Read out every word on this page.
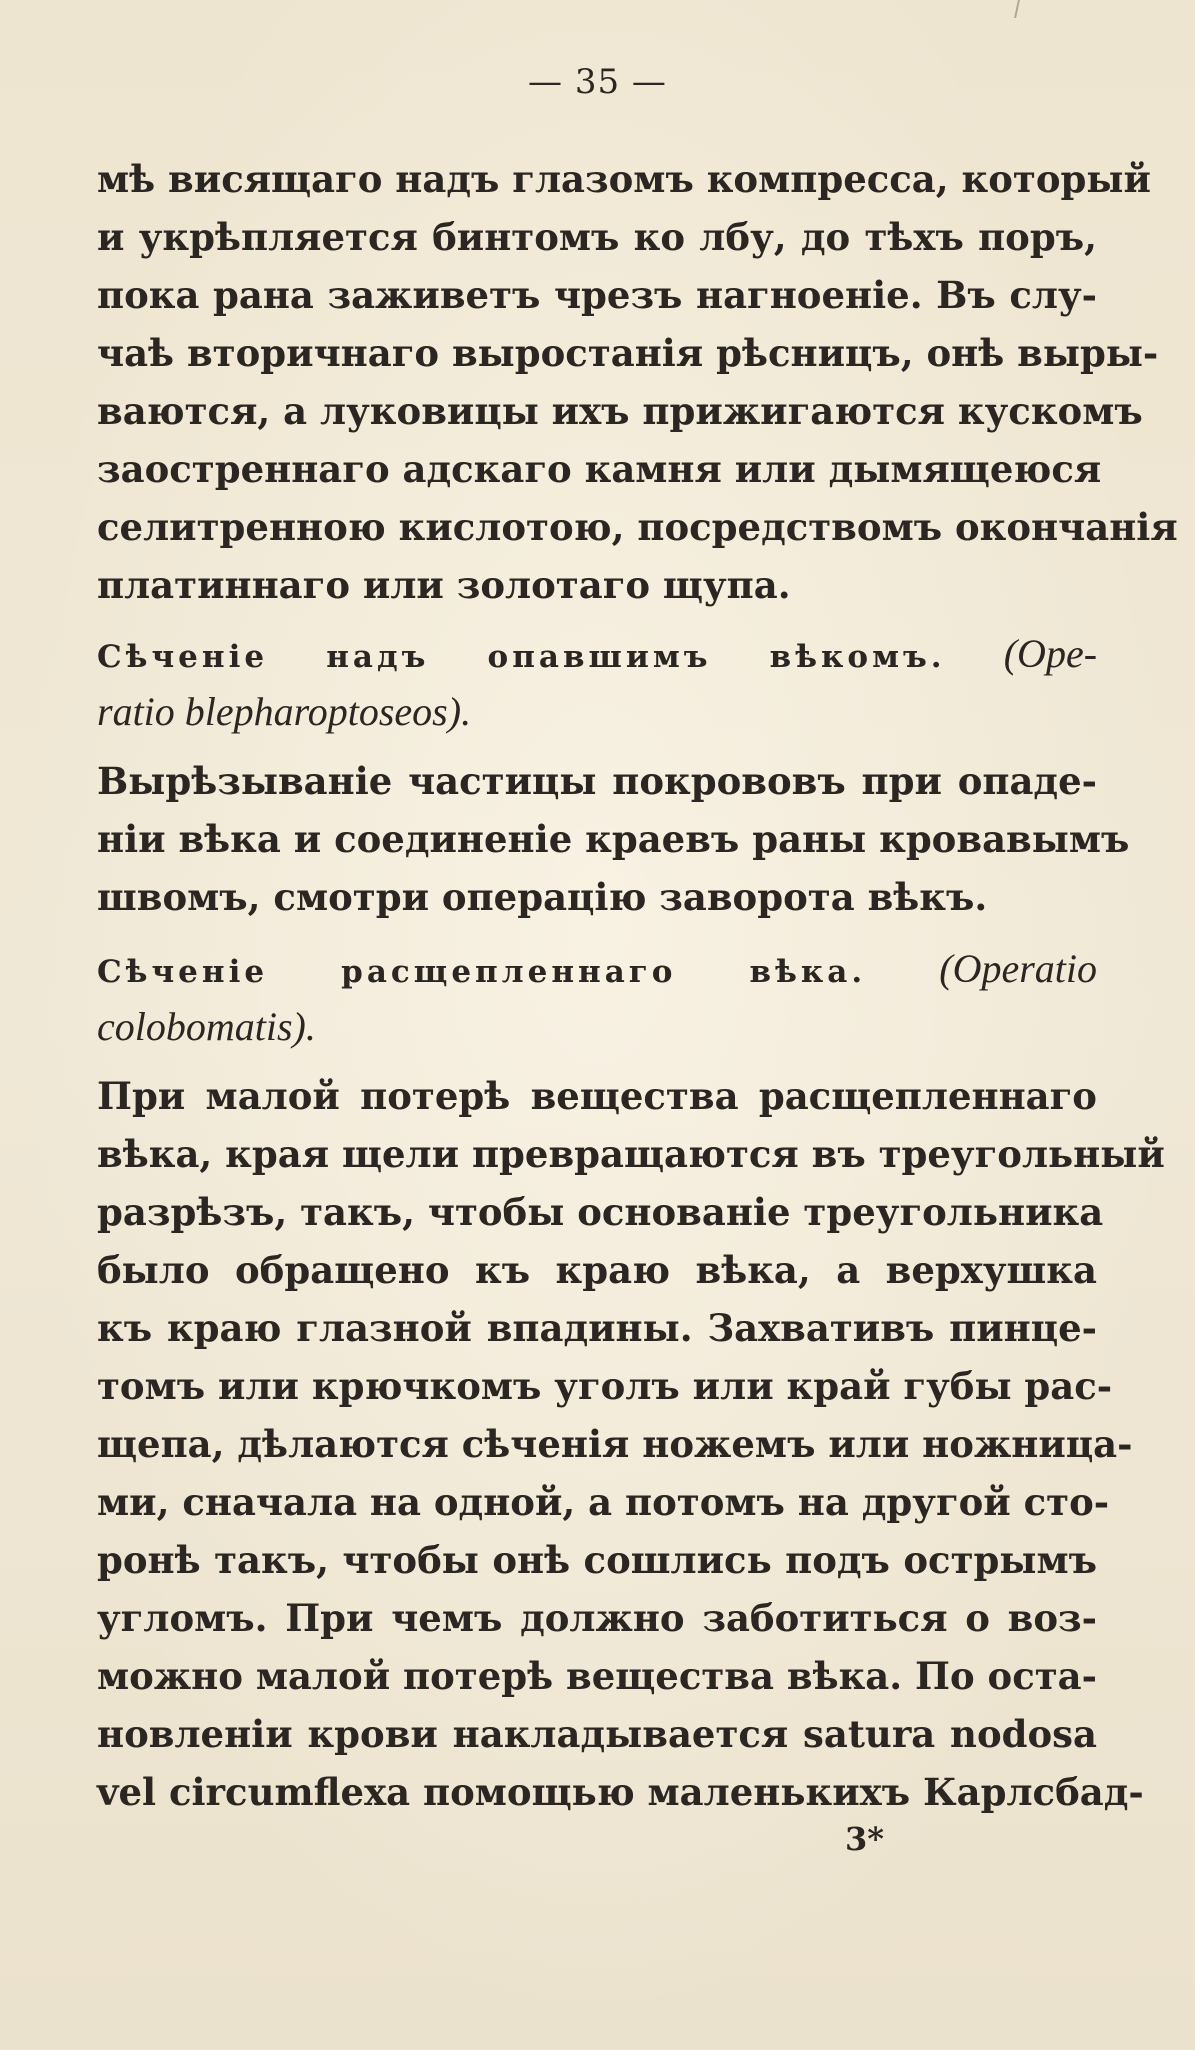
— 35 —
мѣ висящаго надъ глазомъ компресса, который
и укрѣпляется бинтомъ ко лбу, до тѣхъ поръ,
пока рана заживетъ чрезъ нагноенie. Въ слу-
чаѣ вторичнаго выростанiя рѣсницъ, онѣ выры-
ваются, а луковицы ихъ прижигаются кускомъ
заостреннаго адскаго камня или дымящеюся
селитренною кислотою, посредствомъ окончанiя
платиннаго или золотаго щупа.
Сѣченiе надъ опавшимъ вѣкомъ. (Ope-
ratio blepharoptoseos).
Вырѣзыванiе частицы покрововъ при опаде-
нiи вѣка и соединенiе краевъ раны кровавымъ
швомъ, смотри операцiю заворота вѣкъ.
Сѣченiе расщепленнаго вѣка. (Operatio
colobomatis).
При малой потерѣ вещества расщепленнаго
вѣка, края щели превращаются въ треугольный
разрѣзъ, такъ, чтобы основанiе треугольника
было обращено къ краю вѣка, а верхушка
къ краю глазной впадины. Захвативъ пинце-
томъ или крючкомъ уголъ или край губы рас-
щепа, дѣлаются сѣченiя ножемъ или ножница-
ми, сначала на одной, а потомъ на другой сто-
ронѣ такъ, чтобы онѣ сошлись подъ острымъ
угломъ. При чемъ должно заботиться о воз-
можно малой потерѣ вещества вѣка. По оста-
новленiи крови накладывается satura nodosa
vel circumflexa помощью маленькихъ Карлсбад-
3*
